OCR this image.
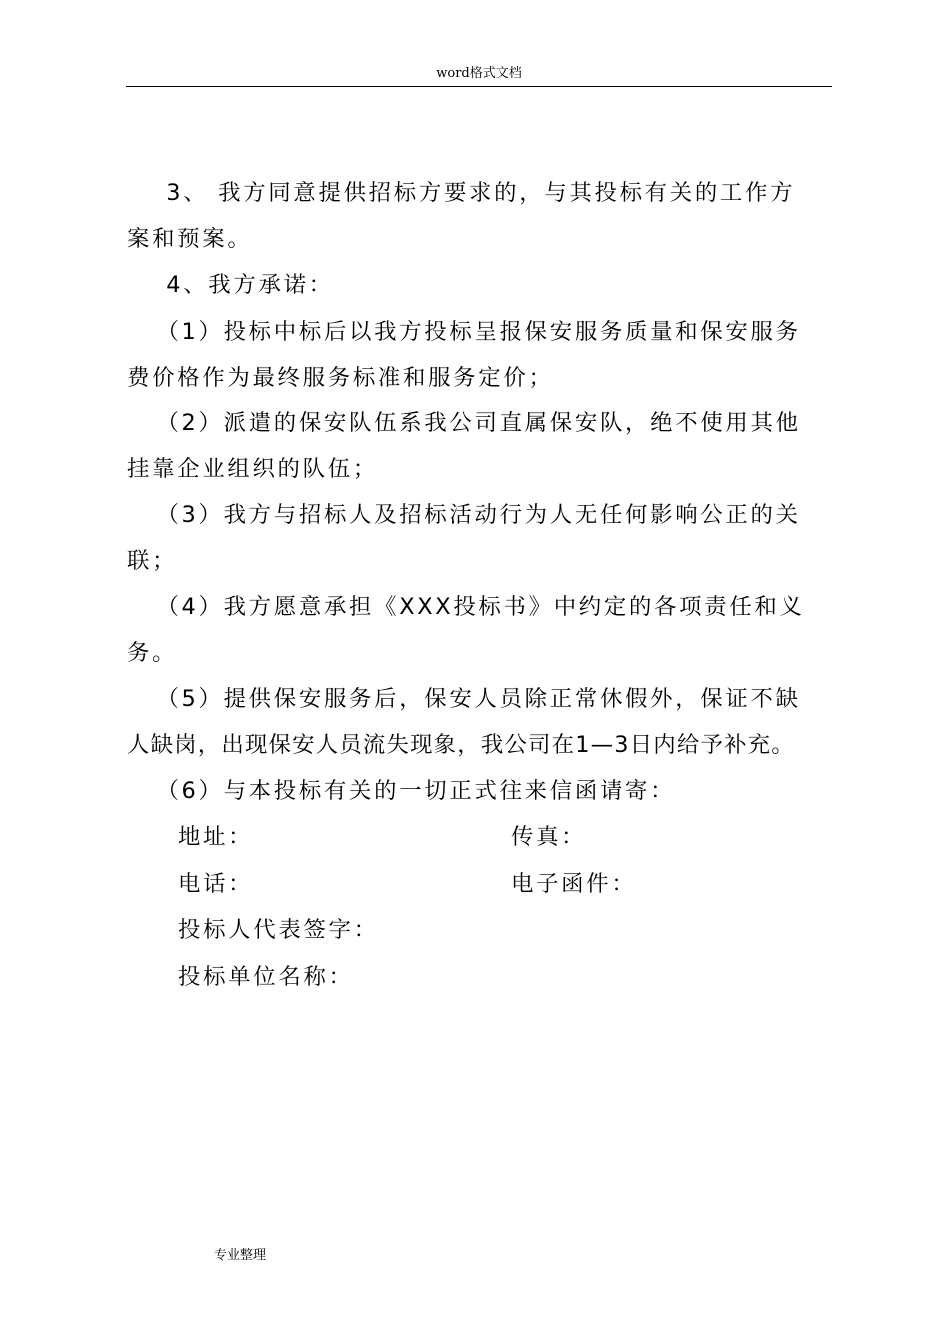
word格式文档
3、 我方同意提供招标方要求的，与其投标有关的工作方
案和预案。
4、我方承诺：
（1）投标中标后以我方投标呈报保安服务质量和保安服务
费价格作为最终服务标准和服务定价；
（2）派遣的保安队伍系我公司直属保安队，绝不使用其他
挂靠企业组织的队伍；
（3）我方与招标人及招标活动行为人无任何影响公正的关
联；
（4）我方愿意承担《XXX投标书》中约定的各项责任和义
务。
（5）提供保安服务后，保安人员除正常休假外，保证不缺
人缺岗，出现保安人员流失现象，我公司在1—3日内给予补充。
（6）与本投标有关的一切正式往来信函请寄：
地址：	传真：
电话：	电子函件：
投标人代表签字：
投标单位名称：
专业整理
